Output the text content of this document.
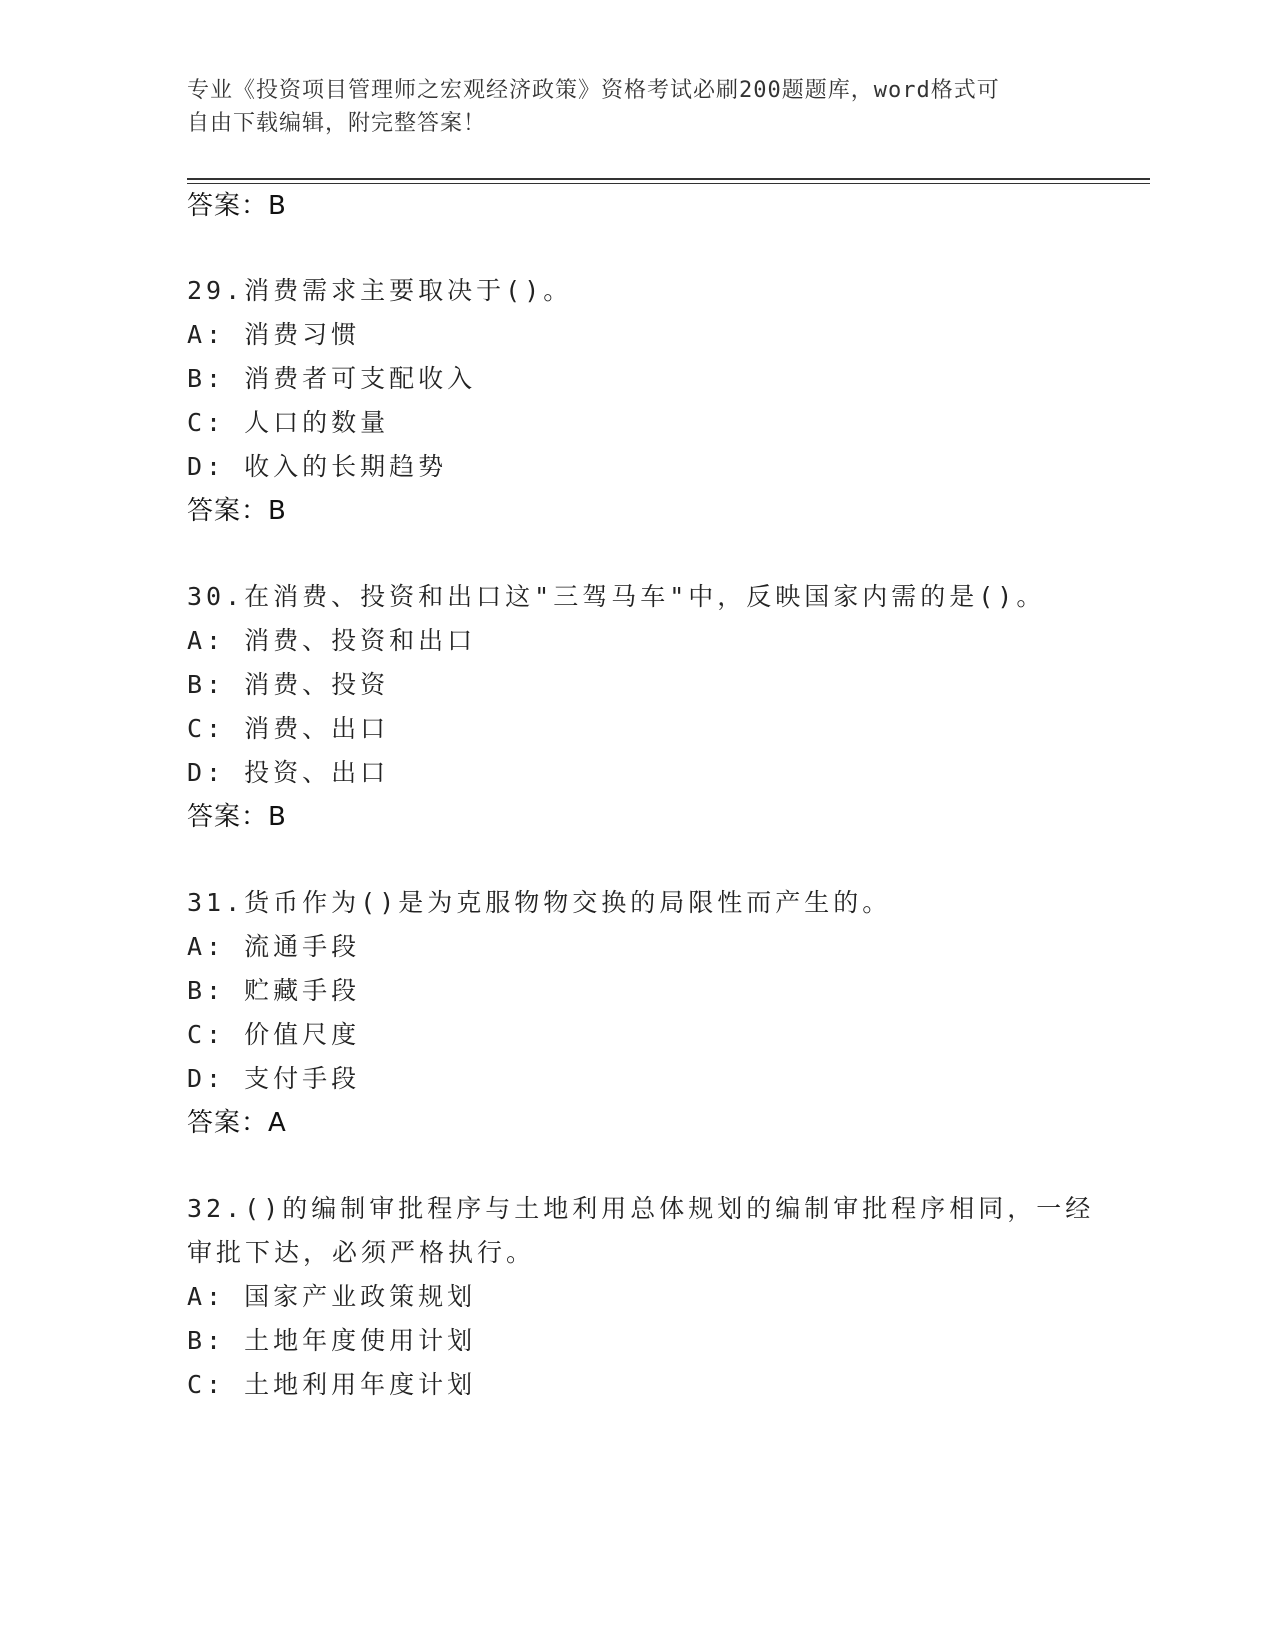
专业《投资项目管理师之宏观经济政策》资格考试必刷200题题库，word格式可
自由下载编辑，附完整答案！
答案：B
29.消费需求主要取决于()。
A: 消费习惯
B: 消费者可支配收入
C: 人口的数量
D: 收入的长期趋势
答案：B
30.在消费、投资和出口这"三驾马车"中，反映国家内需的是()。
A: 消费、投资和出口
B: 消费、投资
C: 消费、出口
D: 投资、出口
答案：B
31.货币作为()是为克服物物交换的局限性而产生的。
A: 流通手段
B: 贮藏手段
C: 价值尺度
D: 支付手段
答案：A
32.()的编制审批程序与土地利用总体规划的编制审批程序相同，一经
审批下达，必须严格执行。
A: 国家产业政策规划
B: 土地年度使用计划
C: 土地利用年度计划
